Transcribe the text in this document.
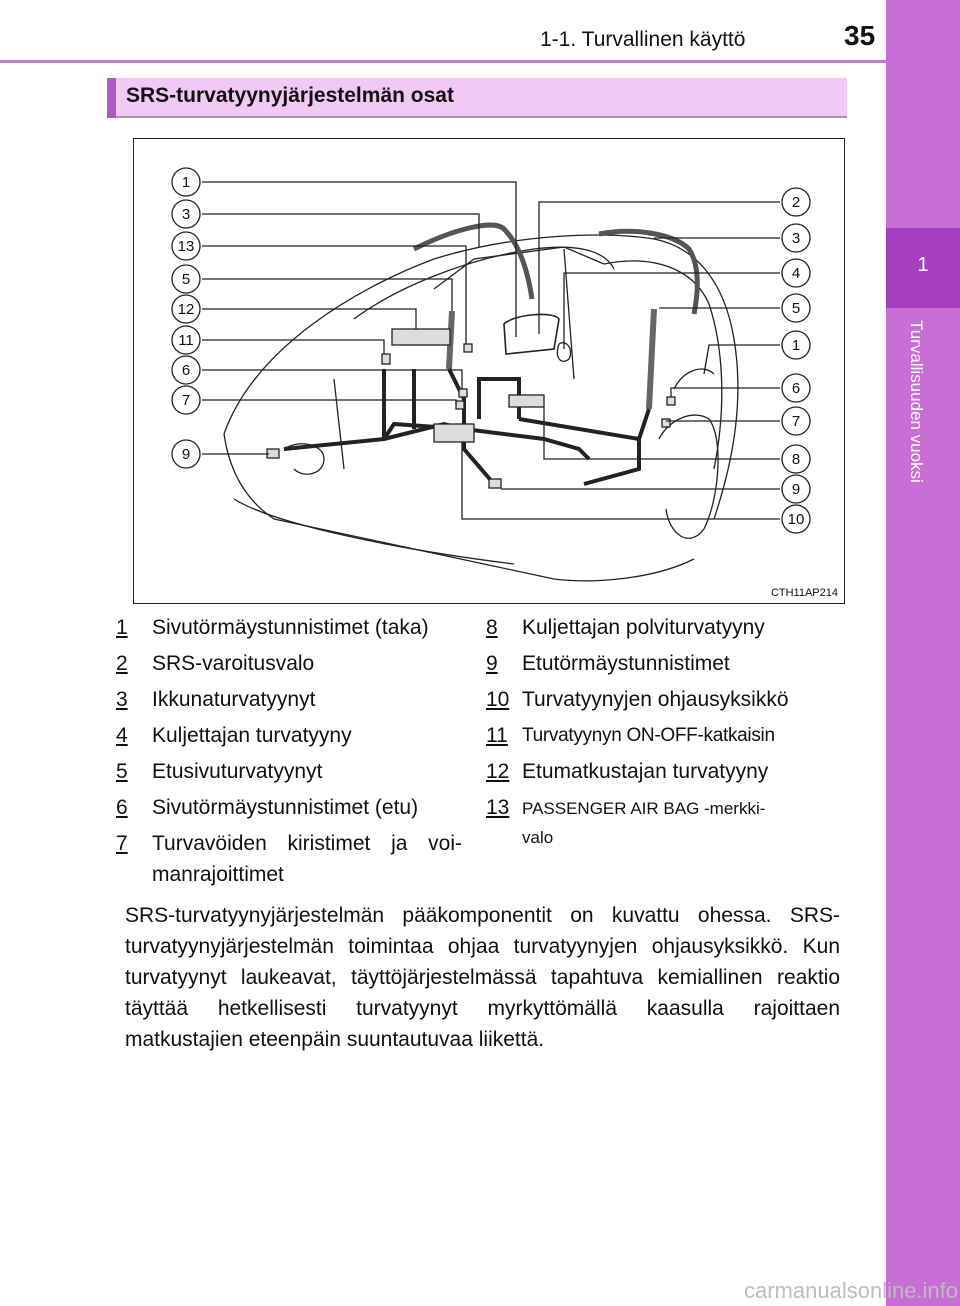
1-1. Turvallinen käyttö	35
1
Turvallisuuden vuoksi
SRS-turvatyynyjärjestelmän osat
1
3
13
5
12
11
6
7
9
2
3
4
5
1
6
7
8
9
10
CTH11AP214
1 Sivutörmäystunnistimet (taka)
2 SRS-varoitusvalo
3 Ikkunaturvatyynyt
4 Kuljettajan turvatyyny
5 Etusivuturvatyynyt
6 Sivutörmäystunnistimet (etu)
7 Turvavöiden kiristimet ja voi-
manrajoittimet
8 Kuljettajan polviturvatyyny
9 Etutörmäystunnistimet
10 Turvatyynyjen ohjausyksikkö
11 Turvatyynyn ON-OFF-katkaisin
12 Etumatkustajan turvatyyny
13 PASSENGER AIR BAG -merkki-
valo
SRS-turvatyynyjärjestelmän pääkomponentit on kuvattu ohessa. SRS-turvatyynyjärjestelmän toimintaa ohjaa turvatyynyjen ohjausyksikkö. Kun turvatyynyt laukeavat, täyttöjärjestelmässä tapahtuva kemiallinen reaktio täyttää hetkellisesti turvatyynyt myrkyttömällä kaasulla rajoittaen matkustajien eteenpäin suuntautuvaa liikettä.
carmanualsonline.info
